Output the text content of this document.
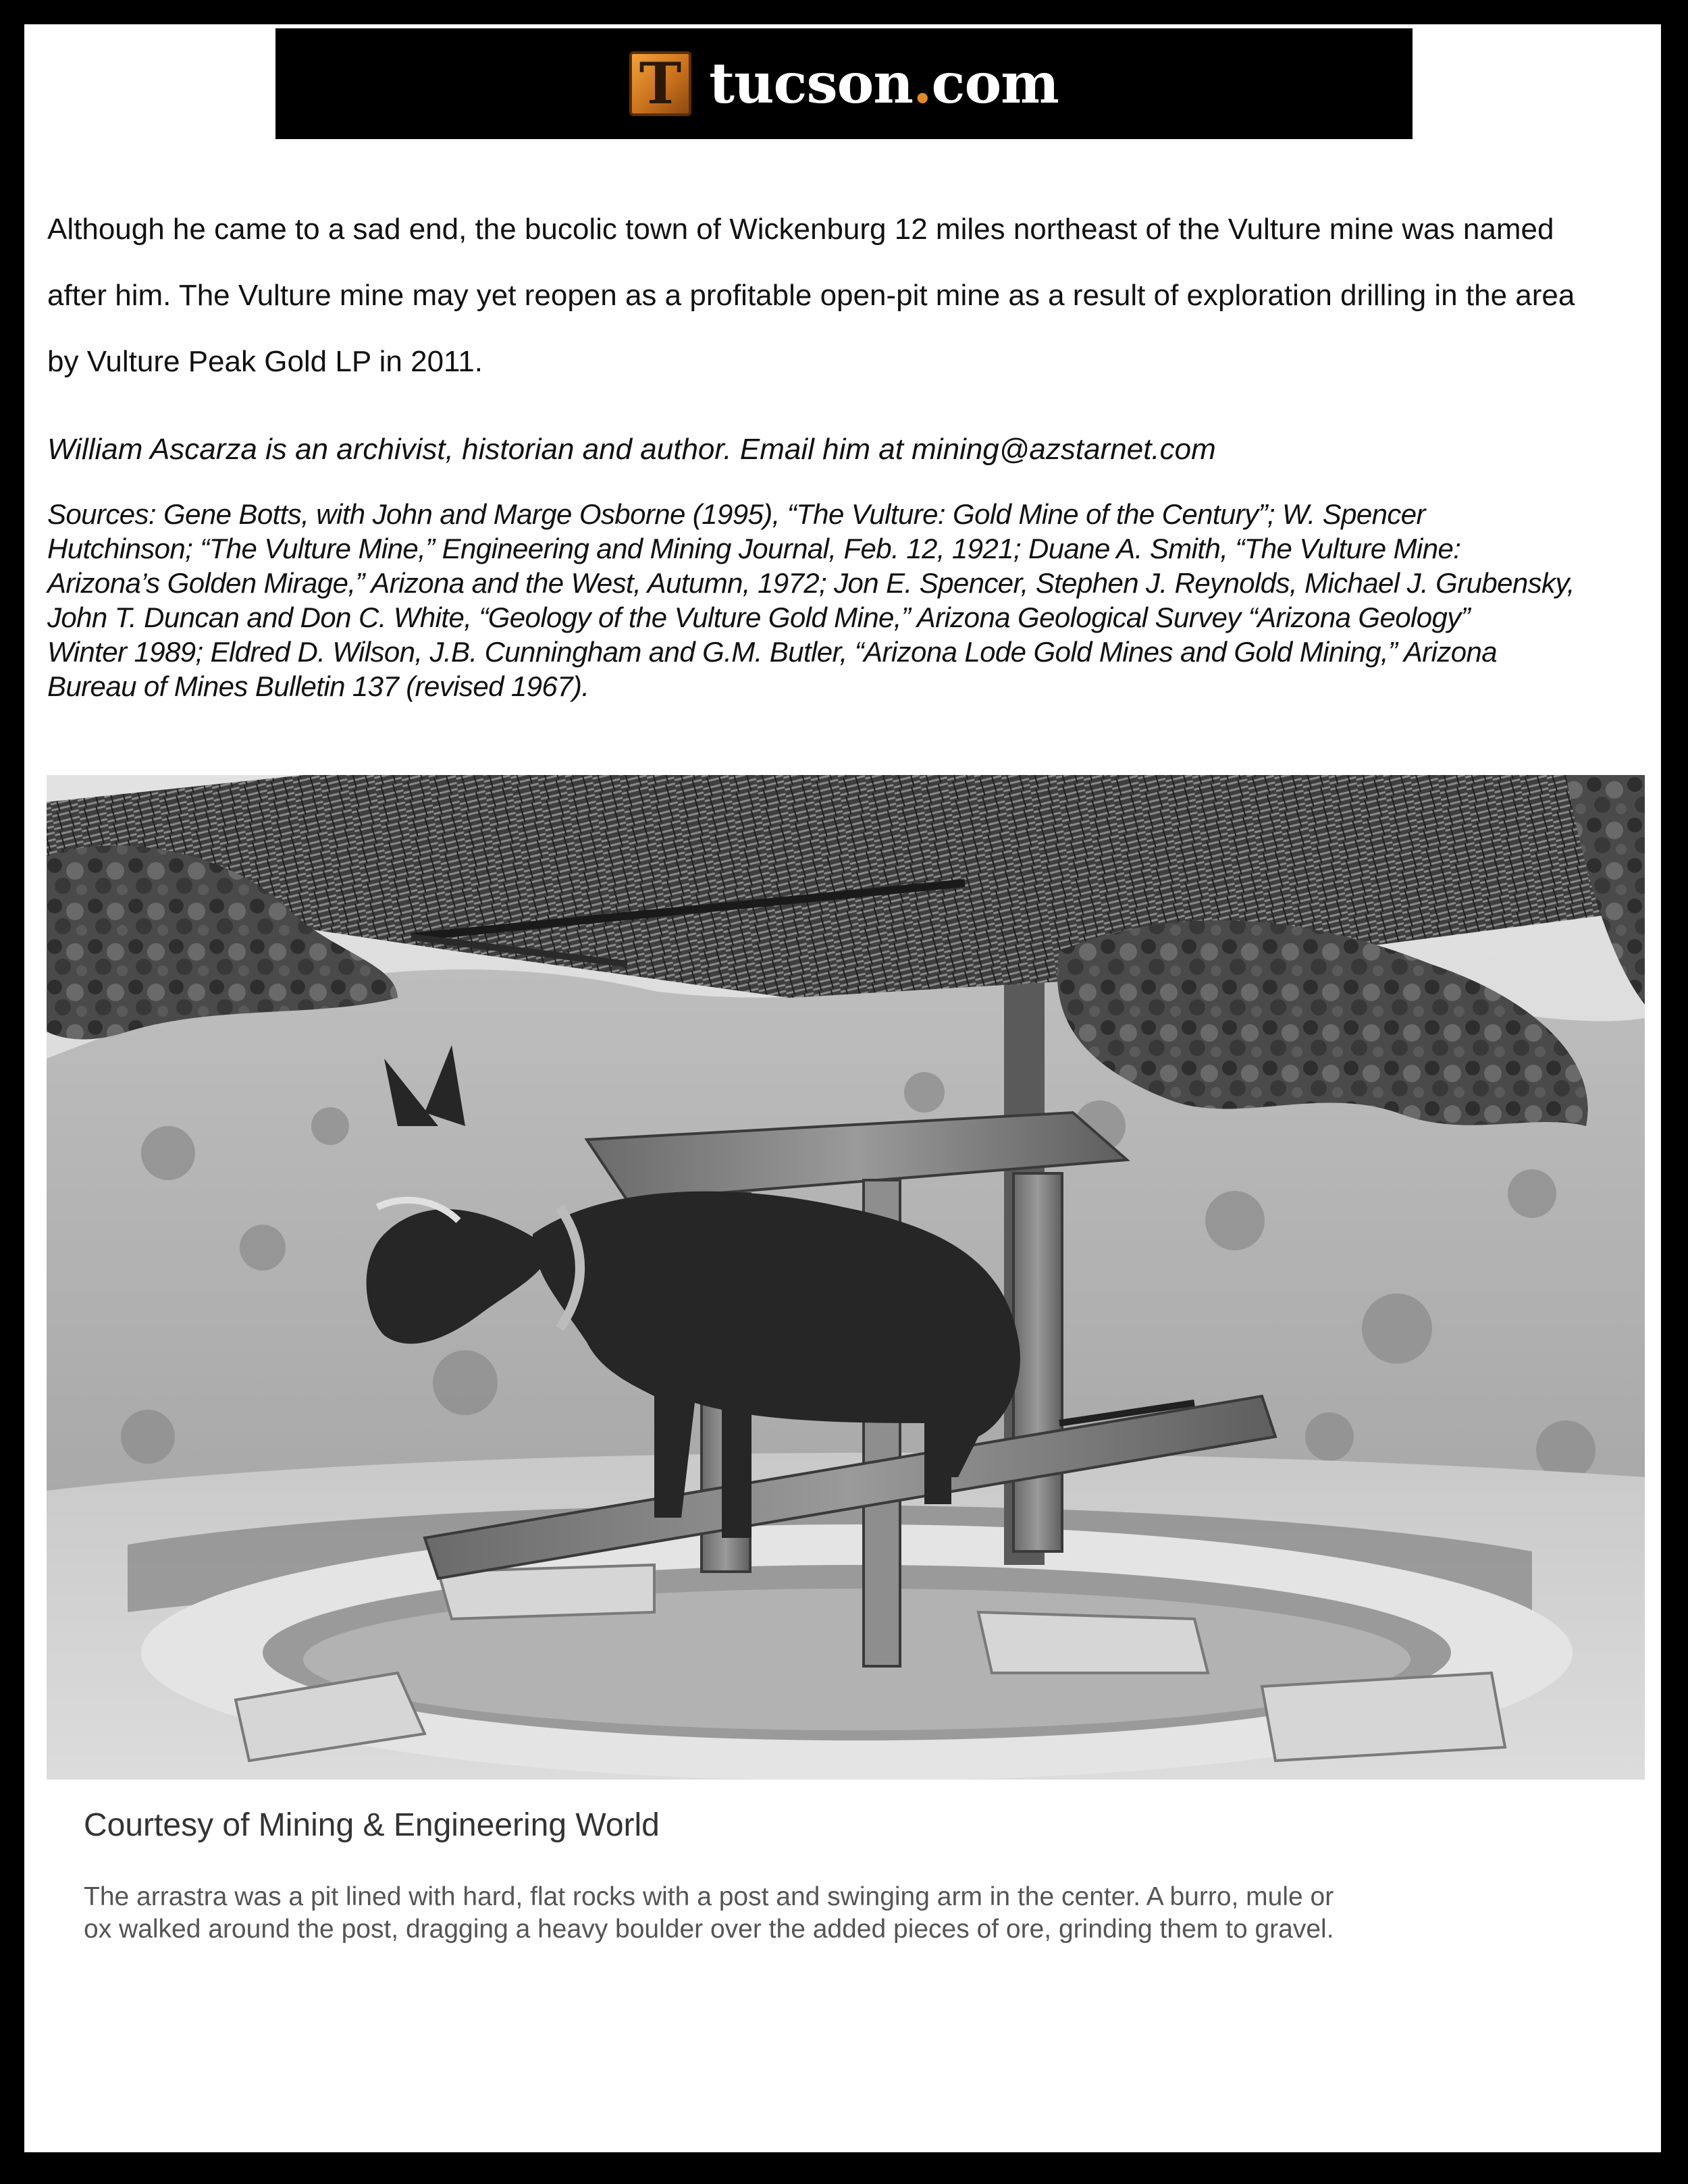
T tucson.com

Although he came to a sad end, the bucolic town of Wickenburg 12 miles northeast of the Vulture mine was named
after him. The Vulture mine may yet reopen as a profitable open-pit mine as a result of exploration drilling in the area
by Vulture Peak Gold LP in 2011.

William Ascarza is an archivist, historian and author. Email him at mining@azstarnet.com

Sources: Gene Botts, with John and Marge Osborne (1995), “The Vulture: Gold Mine of the Century”; W. Spencer
Hutchinson; “The Vulture Mine,” Engineering and Mining Journal, Feb. 12, 1921; Duane A. Smith, “The Vulture Mine:
Arizona’s Golden Mirage,” Arizona and the West, Autumn, 1972; Jon E. Spencer, Stephen J. Reynolds, Michael J. Grubensky,
John T. Duncan and Don C. White, “Geology of the Vulture Gold Mine,” Arizona Geological Survey “Arizona Geology”
Winter 1989; Eldred D. Wilson, J.B. Cunningham and G.M. Butler, “Arizona Lode Gold Mines and Gold Mining,” Arizona
Bureau of Mines Bulletin 137 (revised 1967).

Courtesy of Mining & Engineering World

The arrastra was a pit lined with hard, flat rocks with a post and swinging arm in the center. A burro, mule or
ox walked around the post, dragging a heavy boulder over the added pieces of ore, grinding them to gravel.
